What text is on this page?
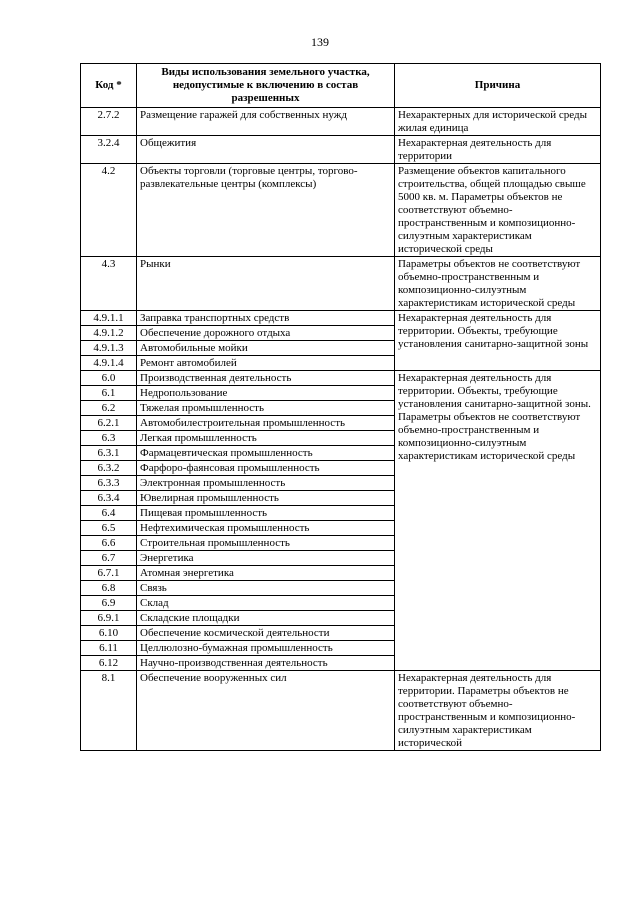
139
Код *	Виды использования земельного участка, недопустимые к включению в состав разрешенных	Причина
2.7.2	Размещение гаражей для собственных нужд	Нехарактерных для исторической среды жилая единица
3.2.4	Общежития	Нехарактерная деятельность для территории
4.2	Объекты торговли (торговые центры, торгово-развлекательные центры (комплексы)	Размещение объектов капитального строительства, общей площадью свыше 5000 кв. м. Параметры объектов не соответствуют объемно-пространственным и композиционно-силуэтным характеристикам исторической среды
4.3	Рынки	Параметры объектов не соответствуют объемно-пространственным и композиционно-силуэтным характеристикам исторической среды
4.9.1.1	Заправка транспортных средств	Нехарактерная деятельность для территории. Объекты, требующие установления санитарно-защитной зоны
4.9.1.2	Обеспечение дорожного отдыха	
4.9.1.3	Автомобильные мойки	
4.9.1.4	Ремонт автомобилей	
6.0	Производственная деятельность	Нехарактерная деятельность для территории. Объекты, требующие установления санитарно-защитной зоны. Параметры объектов не соответствуют объемно-пространственным и композиционно-силуэтным характеристикам исторической среды
6.1	Недропользование	
6.2	Тяжелая промышленность	
6.2.1	Автомобилестроительная промышленность	
6.3	Легкая промышленность	
6.3.1	Фармацевтическая промышленность	
6.3.2	Фарфоро-фаянсовая промышленность	
6.3.3	Электронная промышленность	
6.3.4	Ювелирная промышленность	
6.4	Пищевая промышленность	
6.5	Нефтехимическая промышленность	
6.6	Строительная промышленность	
6.7	Энергетика	
6.7.1	Атомная энергетика	
6.8	Связь	
6.9	Склад	
6.9.1	Складские площадки	
6.10	Обеспечение космической деятельности	
6.11	Целлюлозно-бумажная промышленность	
6.12	Научно-производственная деятельность	
8.1	Обеспечение вооруженных сил	Нехарактерная деятельность для территории. Параметры объектов не соответствуют объемно-пространственным и композиционно-силуэтным характеристикам исторической
